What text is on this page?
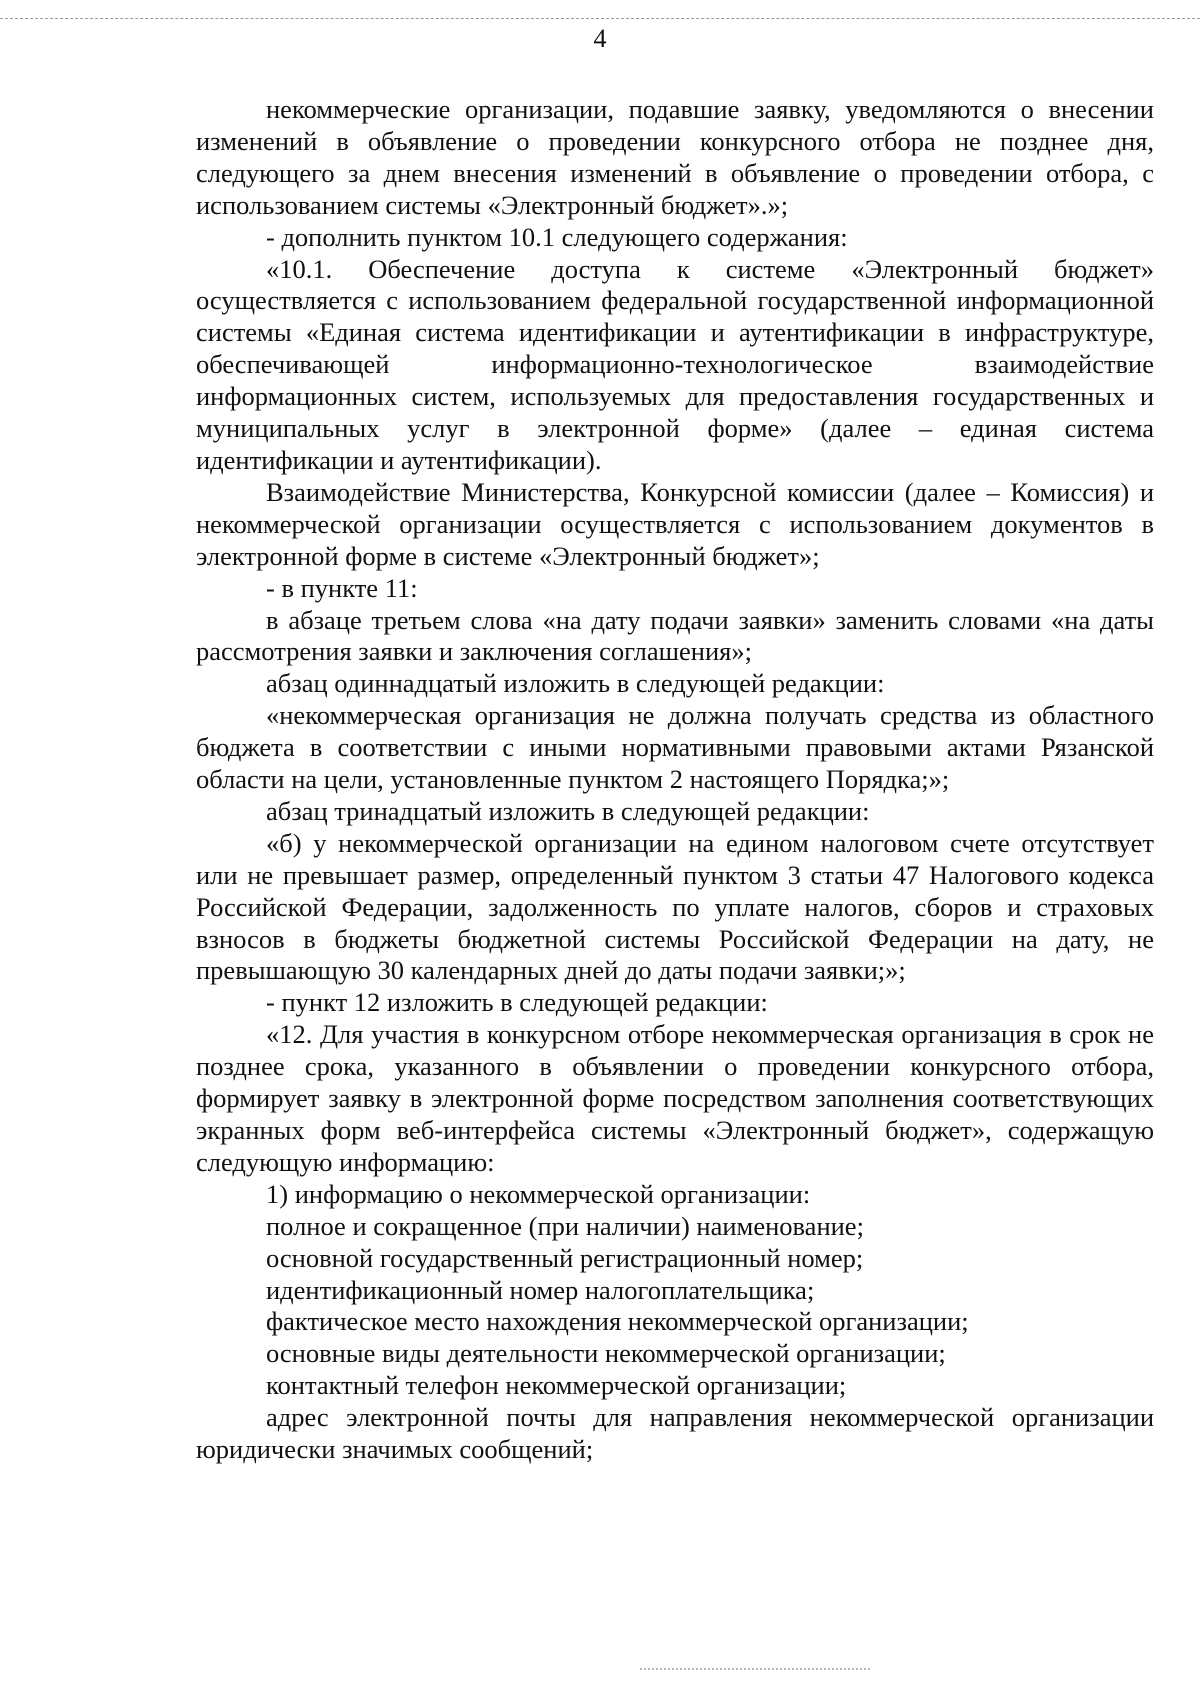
4

некоммерческие организации, подавшие заявку, уведомляются о внесении изменений в объявление о проведении конкурсного отбора не позднее дня, следующего за днем внесения изменений в объявление о проведении отбора, с использованием системы «Электронный бюджет».»;

- дополнить пунктом 10.1 следующего содержания:

«10.1. Обеспечение доступа к системе «Электронный бюджет» осуществляется с использованием федеральной государственной информационной системы «Единая система идентификации и аутентификации в инфраструктуре, обеспечивающей информационно-технологическое взаимодействие информационных систем, используемых для предоставления государственных и муниципальных услуг в электронной форме» (далее – единая система идентификации и аутентификации).

Взаимодействие Министерства, Конкурсной комиссии (далее – Комиссия) и некоммерческой организации осуществляется с использованием документов в электронной форме в системе «Электронный бюджет»;

- в пункте 11:

в абзаце третьем слова «на дату подачи заявки» заменить словами «на даты рассмотрения заявки и заключения соглашения»;

абзац одиннадцатый изложить в следующей редакции:

«некоммерческая организация не должна получать средства из областного бюджета в соответствии с иными нормативными правовыми актами Рязанской области на цели, установленные пунктом 2 настоящего Порядка;»;

абзац тринадцатый изложить в следующей редакции:

«б) у некоммерческой организации на едином налоговом счете отсутствует или не превышает размер, определенный пунктом 3 статьи 47 Налогового кодекса Российской Федерации, задолженность по уплате налогов, сборов и страховых взносов в бюджеты бюджетной системы Российской Федерации на дату, не превышающую 30 календарных дней до даты подачи заявки;»;

- пункт 12 изложить в следующей редакции:

«12. Для участия в конкурсном отборе некоммерческая организация в срок не позднее срока, указанного в объявлении о проведении конкурсного отбора, формирует заявку в электронной форме посредством заполнения соответствующих экранных форм веб-интерфейса системы «Электронный бюджет», содержащую следующую информацию:

1) информацию о некоммерческой организации:

полное и сокращенное (при наличии) наименование;

основной государственный регистрационный номер;

идентификационный номер налогоплательщика;

фактическое место нахождения некоммерческой организации;

основные виды деятельности некоммерческой организации;

контактный телефон некоммерческой организации;

адрес электронной почты для направления некоммерческой организации юридически значимых сообщений;
